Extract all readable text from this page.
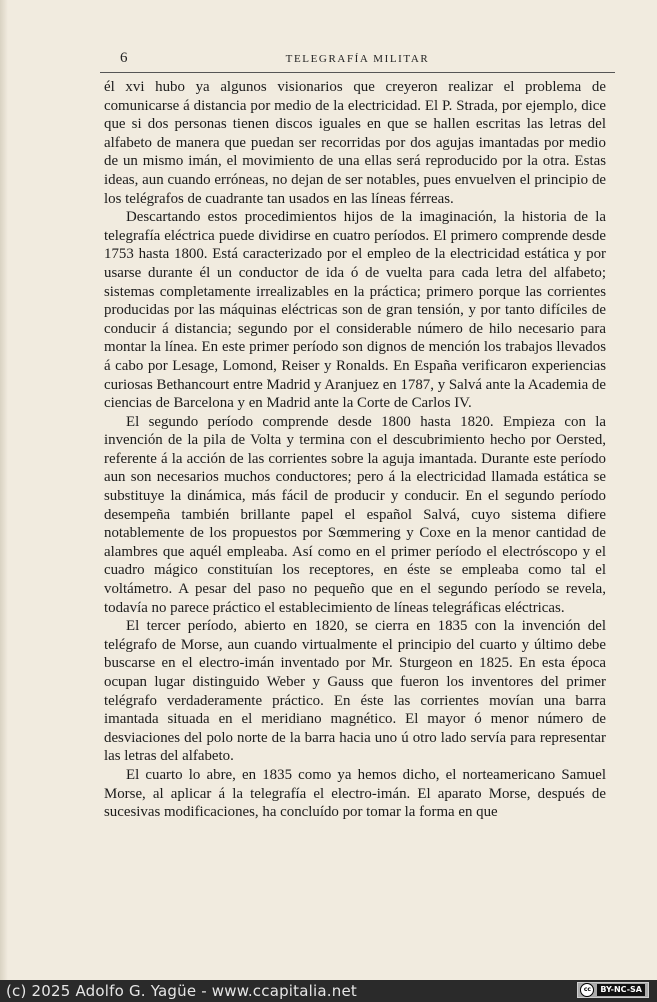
6	TELEGRAFÍA MILITAR

él xvi hubo ya algunos visionarios que creyeron realizar el problema de comunicarse á distancia por medio de la electricidad. El P. Strada, por ejemplo, dice que si dos personas tienen discos iguales en que se hallen escritas las letras del alfabeto de manera que puedan ser recorridas por dos agujas imantadas por medio de un mismo imán, el movimiento de una ellas será reproducido por la otra. Estas ideas, aun cuando erróneas, no dejan de ser notables, pues envuelven el principio de los telégrafos de cuadrante tan usados en las líneas férreas.

Descartando estos procedimientos hijos de la imaginación, la historia de la telegrafía eléctrica puede dividirse en cuatro períodos. El primero comprende desde 1753 hasta 1800. Está caracterizado por el empleo de la electricidad estática y por usarse durante él un conductor de ida ó de vuelta para cada letra del alfabeto; sistemas completamente irrealizables en la práctica; primero porque las corrientes producidas por las máquinas eléctricas son de gran tensión, y por tanto difíciles de conducir á distancia; segundo por el considerable número de hilo necesario para montar la línea. En este primer período son dignos de mención los trabajos llevados á cabo por Lesage, Lomond, Reiser y Ronalds. En España verificaron experiencias curiosas Bethancourt entre Madrid y Aranjuez en 1787, y Salvá ante la Academia de ciencias de Barcelona y en Madrid ante la Corte de Carlos IV.

El segundo período comprende desde 1800 hasta 1820. Empieza con la invención de la pila de Volta y termina con el descubrimiento hecho por Oersted, referente á la acción de las corrientes sobre la aguja imantada. Durante este período aun son necesarios muchos conductores; pero á la electricidad llamada estática se substituye la dinámica, más fácil de producir y conducir. En el segundo período desempeña también brillante papel el español Salvá, cuyo sistema difiere notablemente de los propuestos por Sœmmering y Coxe en la menor cantidad de alambres que aquél empleaba. Así como en el primer período el electróscopo y el cuadro mágico constituían los receptores, en éste se empleaba como tal el voltámetro. A pesar del paso no pequeño que en el segundo período se revela, todavía no parece práctico el establecimiento de líneas telegráficas eléctricas.

El tercer período, abierto en 1820, se cierra en 1835 con la invención del telégrafo de Morse, aun cuando virtualmente el principio del cuarto y último debe buscarse en el electro-imán inventado por Mr. Sturgeon en 1825. En esta época ocupan lugar distinguido Weber y Gauss que fueron los inventores del primer telégrafo verdaderamente práctico. En éste las corrientes movían una barra imantada situada en el meridiano magnético. El mayor ó menor número de desviaciones del polo norte de la barra hacia uno ú otro lado servía para representar las letras del alfabeto.

El cuarto lo abre, en 1835 como ya hemos dicho, el norteamericano Samuel Morse, al aplicar á la telegrafía el electro-imán. El aparato Morse, después de sucesivas modificaciones, ha concluído por tomar la forma en que

(c) 2025 Adolfo G. Yagüe - www.ccapitalia.net	cc	BY-NC-SA
